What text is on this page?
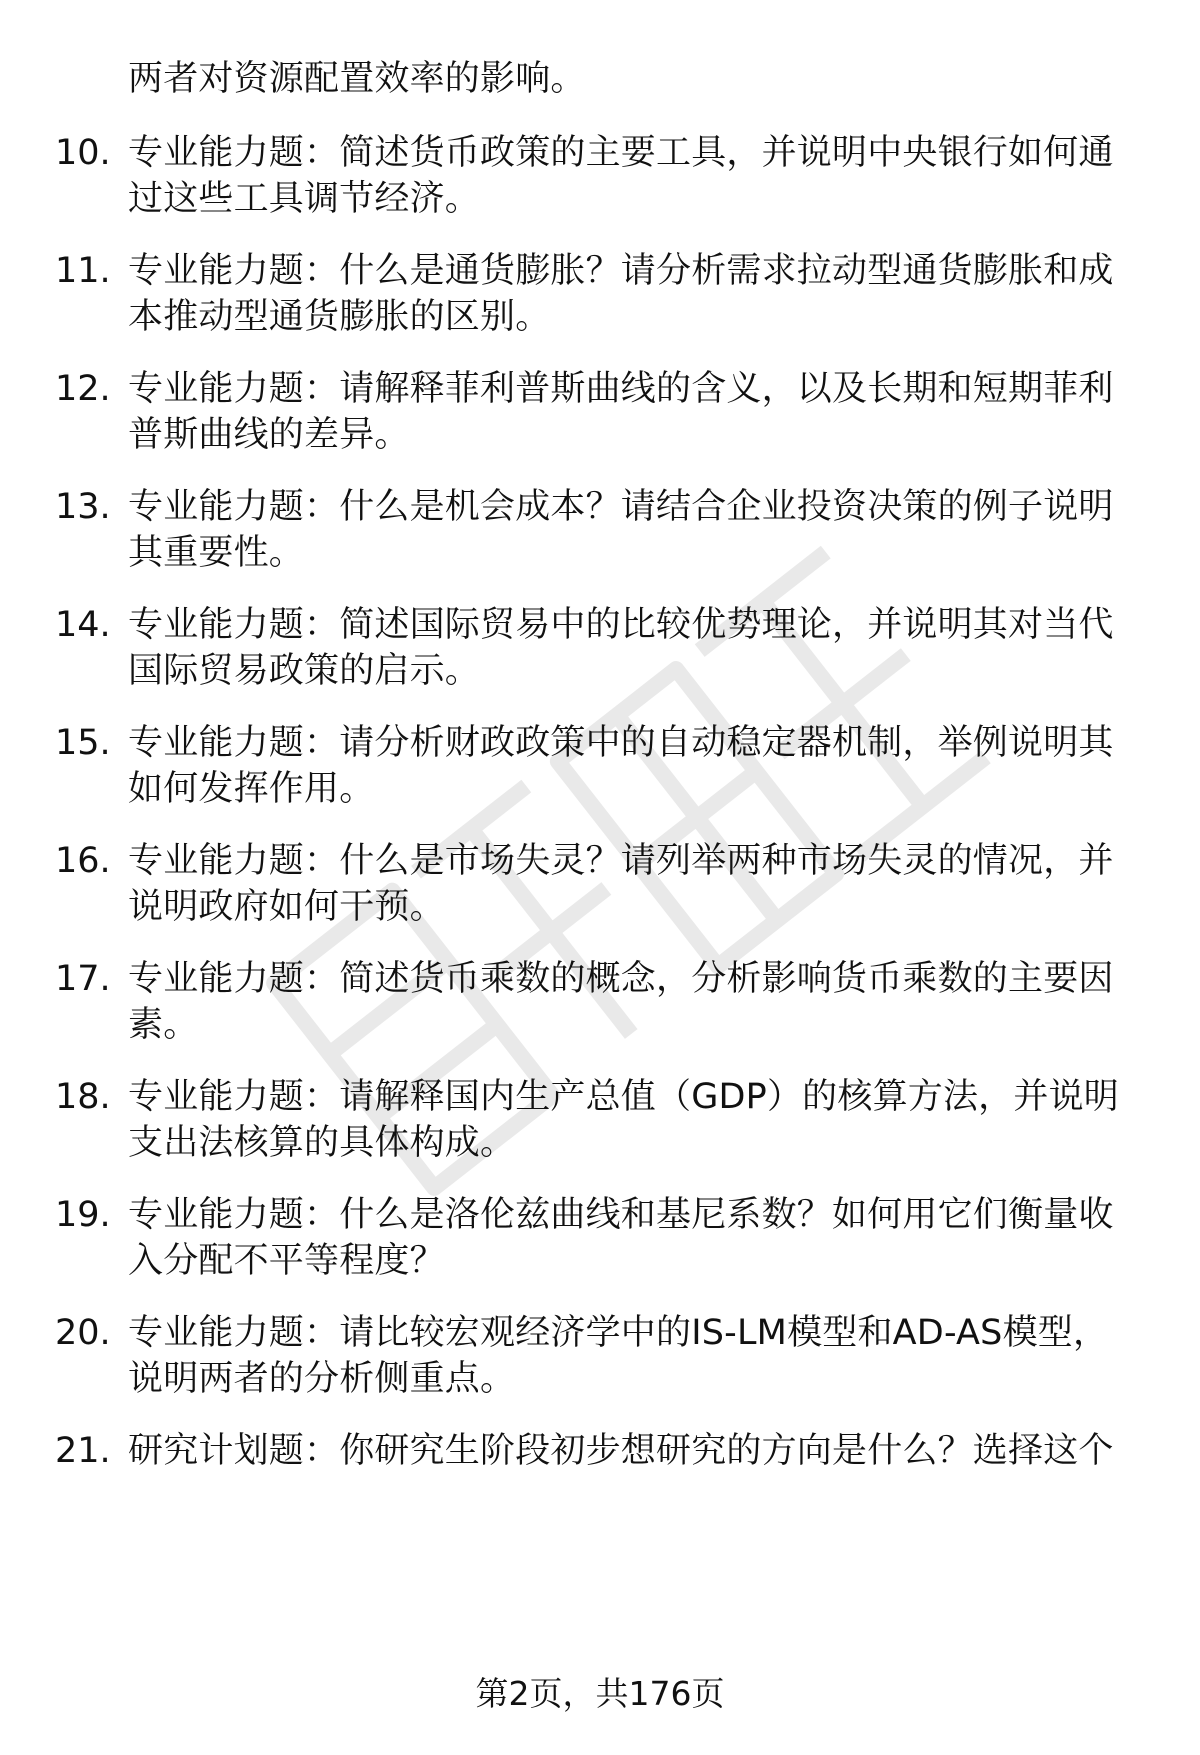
两者对资源配置效率的影响。
10. 专业能力题：简述货币政策的主要工具，并说明中央银行如何通
过这些工具调节经济。
11. 专业能力题：什么是通货膨胀？请分析需求拉动型通货膨胀和成
本推动型通货膨胀的区别。
12. 专业能力题：请解释菲利普斯曲线的含义，以及长期和短期菲利
普斯曲线的差异。
13. 专业能力题：什么是机会成本？请结合企业投资决策的例子说明
其重要性。
14. 专业能力题：简述国际贸易中的比较优势理论，并说明其对当代
国际贸易政策的启示。
15. 专业能力题：请分析财政政策中的自动稳定器机制，举例说明其
如何发挥作用。
16. 专业能力题：什么是市场失灵？请列举两种市场失灵的情况，并
说明政府如何干预。
17. 专业能力题：简述货币乘数的概念，分析影响货币乘数的主要因
素。
18. 专业能力题：请解释国内生产总值（GDP）的核算方法，并说明
支出法核算的具体构成。
19. 专业能力题：什么是洛伦兹曲线和基尼系数？如何用它们衡量收
入分配不平等程度？
20. 专业能力题：请比较宏观经济学中的IS-LM模型和AD-AS模型，
说明两者的分析侧重点。
21. 研究计划题：你研究生阶段初步想研究的方向是什么？选择这个
第2页，共176页
